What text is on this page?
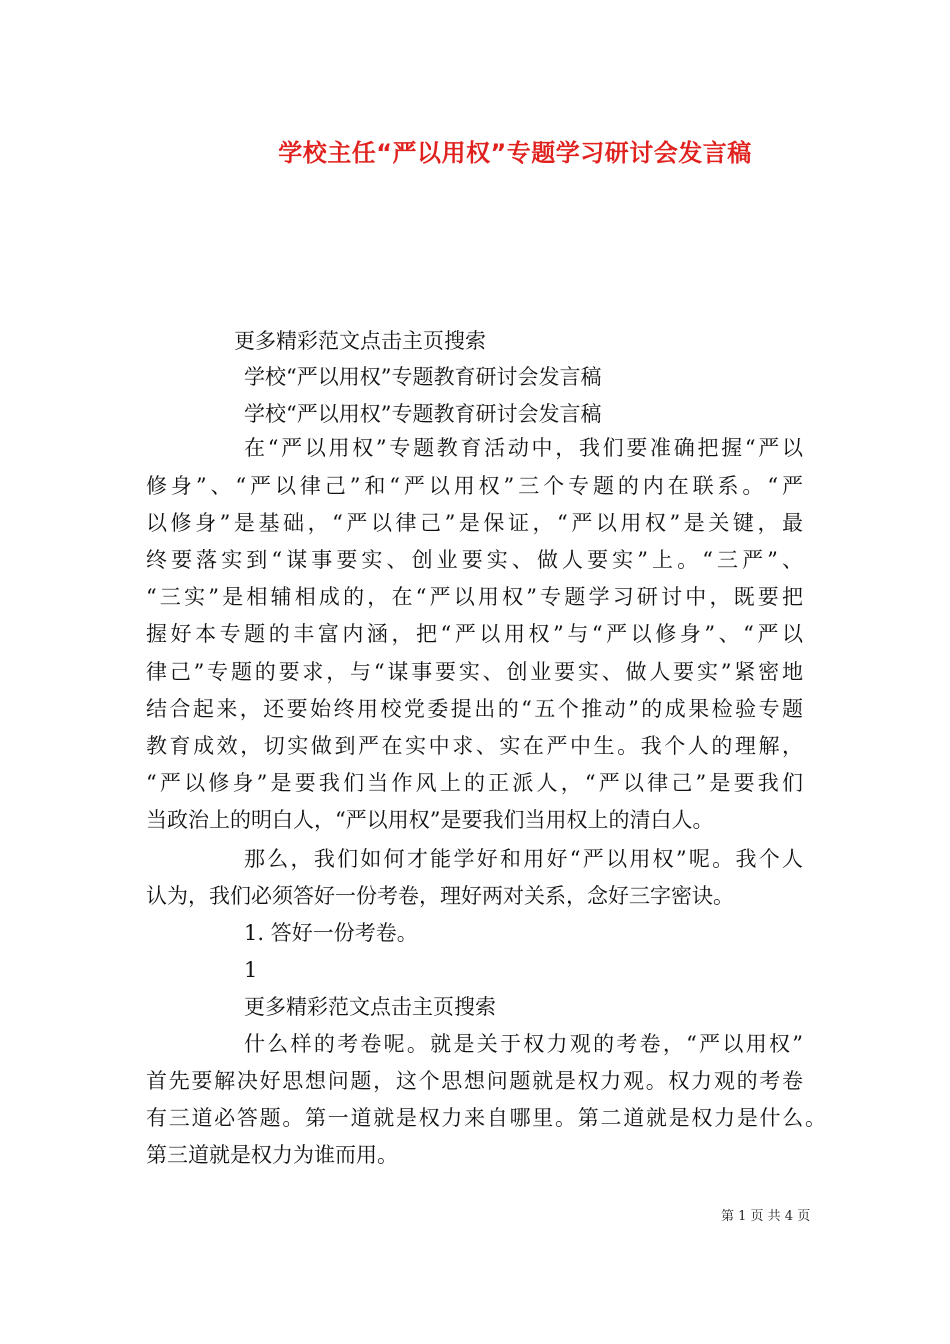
学校主任“严以用权”专题学习研讨会发言稿

更多精彩范文点击主页搜索

学校“严以用权”专题教育研讨会发言稿

学校“严以用权”专题教育研讨会发言稿

在“严以用权”专题教育活动中，我们要准确把握“严以

修身”、“严以律己”和“严以用权”三个专题的内在联系。“严

以修身”是基础，“严以律己”是保证，“严以用权”是关键，最

终要落实到“谋事要实、创业要实、做人要实”上。“三严”、

“三实”是相辅相成的，在“严以用权”专题学习研讨中，既要把

握好本专题的丰富内涵，把“严以用权”与“严以修身”、“严以

律己”专题的要求，与“谋事要实、创业要实、做人要实”紧密地

结合起来，还要始终用校党委提出的“五个推动”的成果检验专题

教育成效，切实做到严在实中求、实在严中生。我个人的理解，

“严以修身”是要我们当作风上的正派人，“严以律己”是要我们

当政治上的明白人，“严以用权”是要我们当用权上的清白人。

那么，我们如何才能学好和用好“严以用权”呢。我个人

认为，我们必须答好一份考卷，理好两对关系，念好三字密诀。

1. 答好一份考卷。

1

更多精彩范文点击主页搜索

什么样的考卷呢。就是关于权力观的考卷，“严以用权”

首先要解决好思想问题，这个思想问题就是权力观。权力观的考卷

有三道必答题。第一道就是权力来自哪里。第二道就是权力是什么。

第三道就是权力为谁而用。

第 1 页 共 4 页
